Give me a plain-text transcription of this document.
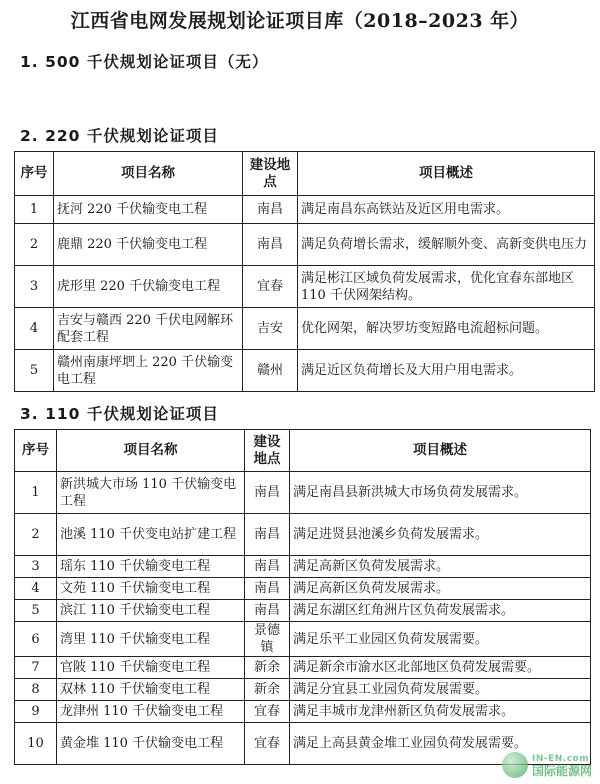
江西省电网发展规划论证项目库（2018–2023 年）
1. 500 千伏规划论证项目（无）
2. 220 千伏规划论证项目
序号	项目名称	建设地点	项目概述
1	抚河 220 千伏输变电工程	南昌	满足南昌东高铁站及近区用电需求。
2	鹿鼎 220 千伏输变电工程	南昌	满足负荷增长需求，缓解顺外变、高新变供电压力
3	虎形里 220 千伏输变电工程	宜春	满足彬江区域负荷发展需求，优化宜春东部地区 110 千伏网架结构。
4	吉安与赣西 220 千伏电网解环配套工程	吉安	优化网架，解决罗坊变短路电流超标问题。
5	赣州南康坪垇上 220 千伏输变电工程	赣州	满足近区负荷增长及大用户用电需求。
3. 110 千伏规划论证项目
序号	项目名称	建设地点	项目概述
1	新洪城大市场 110 千伏输变电工程	南昌	满足南昌县新洪城大市场负荷发展需求。
2	池溪 110 千伏变电站扩建工程	南昌	满足进贤县池溪乡负荷发展需求。
3	瑶东 110 千伏输变电工程	南昌	满足高新区负荷发展需求。
4	文苑 110 千伏输变电工程	南昌	满足高新区负荷发展需求。
5	滨江 110 千伏输变电工程	南昌	满足东湖区红角洲片区负荷发展需求。
6	湾里 110 千伏输变电工程	景德镇	满足乐平工业园区负荷发展需要。
7	官陂 110 千伏输变电工程	新余	满足新余市渝水区北部地区负荷发展需要。
8	双林 110 千伏输变电工程	新余	满足分宜县工业园负荷发展需要。
9	龙津州 110 千伏输变电工程	宜春	满足丰城市龙津州新区负荷发展需求。
10	黄金堆 110 千伏输变电工程	宜春	满足上高县黄金堆工业园负荷发展需要。
IN-EN.com
国际能源网
